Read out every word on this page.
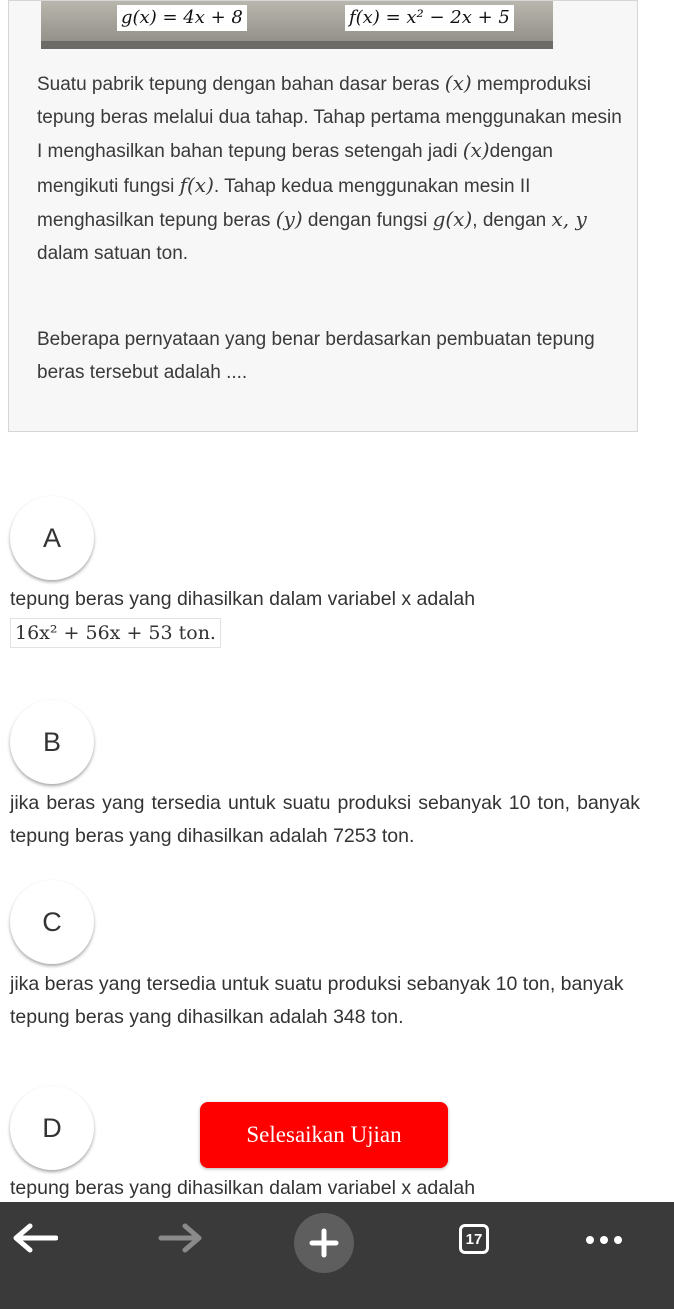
g(x) = 4x + 8	f(x) = x² − 2x + 5

Suatu pabrik tepung dengan bahan dasar beras (x) memproduksi tepung beras melalui dua tahap. Tahap pertama menggunakan mesin I menghasilkan bahan tepung beras setengah jadi (x)dengan mengikuti fungsi f(x). Tahap kedua menggunakan mesin II menghasilkan tepung beras (y) dengan fungsi g(x), dengan x, y dalam satuan ton.

Beberapa pernyataan yang benar berdasarkan pembuatan tepung beras tersebut adalah ....

A

tepung beras yang dihasilkan dalam variabel x adalah

16x² + 56x + 53 ton.
B

jika beras yang tersedia untuk suatu produksi sebanyak 10 ton, banyak tepung beras yang dihasilkan adalah 7253 ton.

C

jika beras yang tersedia untuk suatu produksi sebanyak 10 ton, banyak tepung beras yang dihasilkan adalah 348 ton.

D

tepung beras yang dihasilkan dalam variabel x adalah

Selesaikan Ujian
17
